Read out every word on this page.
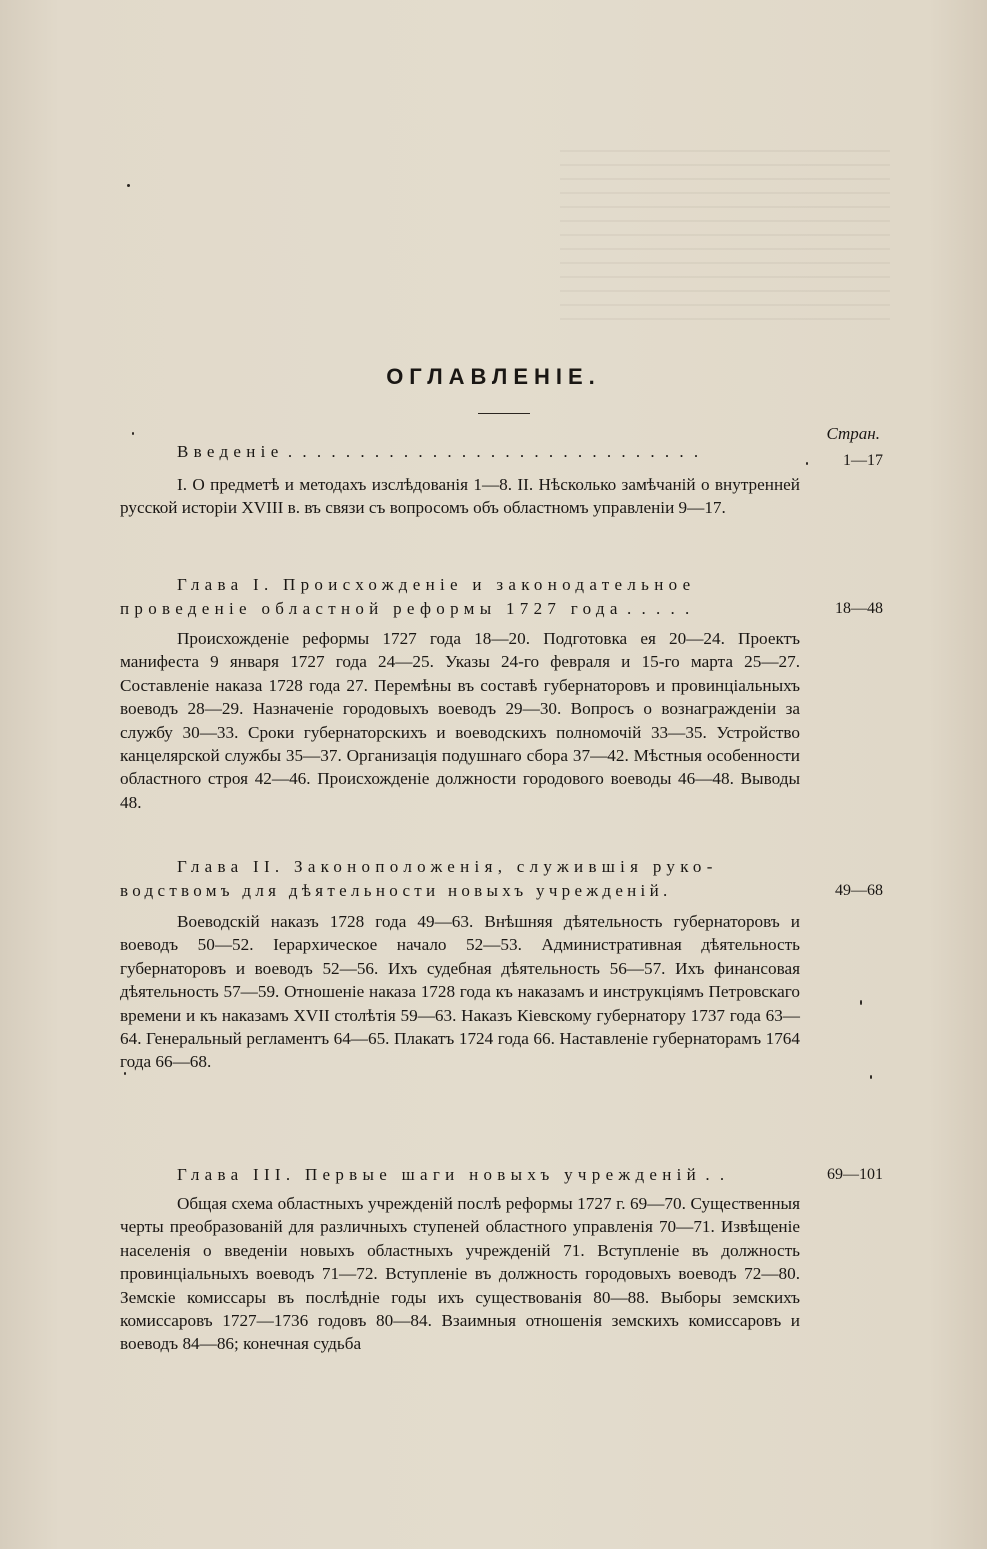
ОГЛАВЛЕНІЕ.
Стран.
Введеніе . . . . . . . . . . . . . . . . . . . . . . . . . . . . .	1—17

I. О предметѣ и методахъ изслѣдованія 1—8. II. Нѣсколько замѣчаній о внутренней русской исторіи XVIII в. въ связи съ вопросомъ объ областномъ управленіи 9—17.

Глава I. Происхожденіе и законодательное
проведеніе областной реформы 1727 года . . . . .	18—48

Происхожденіе реформы 1727 года 18—20. Подготовка ея 20—24. Проектъ манифеста 9 января 1727 года 24—25. Указы 24-го февраля и 15-го марта 25—27. Составленіе наказа 1728 года 27. Перемѣны въ составѣ губернаторовъ и провинціальныхъ воеводъ 28—29. Назначеніе городовыхъ воеводъ 29—30. Вопросъ о вознагражденіи за службу 30—33. Сроки губернаторскихъ и воеводскихъ полномочій 33—35. Устройство канцелярской службы 35—37. Организація подушнаго сбора 37—42. Мѣстныя особенности областного строя 42—46. Происхожденіе должности городового воеводы 46—48. Выводы 48.

Глава II. Законоположенія, служившія руко-
водствомъ для дѣятельности новыхъ учрежденій.	49—68

Воеводскій наказъ 1728 года 49—63. Внѣшняя дѣятельность губернаторовъ и воеводъ 50—52. Іерархическое начало 52—53. Административная дѣятельность губернаторовъ и воеводъ 52—56. Ихъ судебная дѣятельность 56—57. Ихъ финансовая дѣятельность 57—59. Отношеніе наказа 1728 года къ наказамъ и инструкціямъ Петровскаго времени и къ наказамъ XVII столѣтія 59—63. Наказъ Кіевскому губернатору 1737 года 63—64. Генеральный регламентъ 64—65. Плакатъ 1724 года 66. Наставленіе губернаторамъ 1764 года 66—68.

Глава III. Первые шаги новыхъ учрежденій . .	69—101

Общая схема областныхъ учрежденій послѣ реформы 1727 г. 69—70. Существенныя черты преобразованій для различныхъ ступеней областного управленія 70—71. Извѣщеніе населенія о введеніи новыхъ областныхъ учрежденій 71. Вступленіе въ должность провинціальныхъ воеводъ 71—72. Вступленіе въ должность городовыхъ воеводъ 72—80. Земскіе комиссары въ послѣдніе годы ихъ существованія 80—88. Выборы земскихъ комиссаровъ 1727—1736 годовъ 80—84. Взаимныя отношенія земскихъ комиссаровъ и воеводъ 84—86; конечная судьба
